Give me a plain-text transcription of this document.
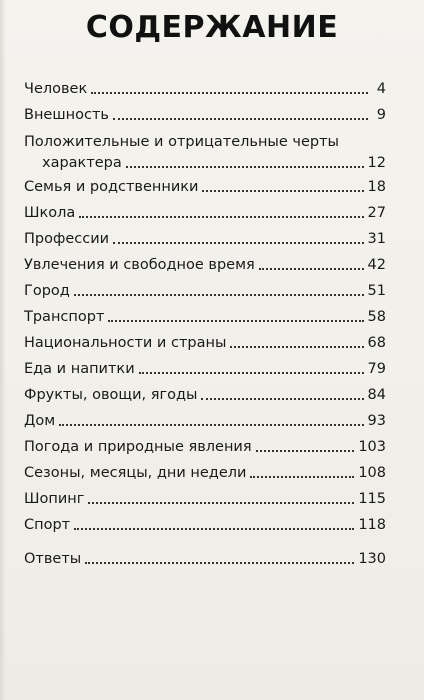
СОДЕРЖАНИЕ
Человек	4
Внешность	9
Положительные и отрицательные черты
характера	12
Семья и родственники	18
Школа	27
Профессии	31
Увлечения и свободное время	42
Город	51
Транспорт	58
Национальности и страны	68
Еда и напитки	79
Фрукты, овощи, ягоды	84
Дом	93
Погода и природные явления	103
Сезоны, месяцы, дни недели	108
Шопинг	115
Спорт	118
Ответы	130
